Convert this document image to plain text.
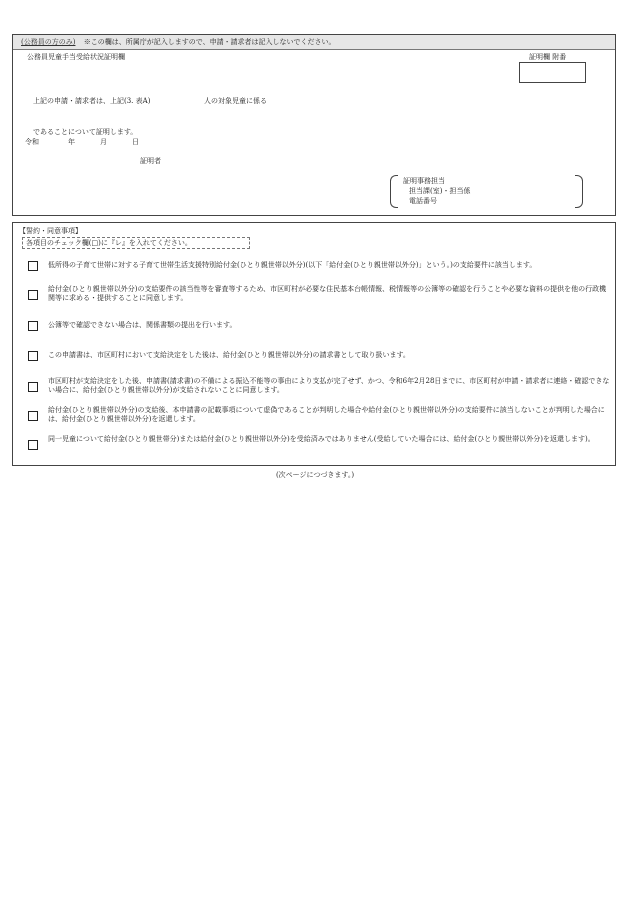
(公務員の方のみ) ※この欄は、所属庁が記入しますので、申請・請求者は記入しないでください。
公務員児童手当受給状況証明欄	証明欄 附番
上記の申請・請求者は、上記(3. 表A)	人の対象児童に係る
であることについて証明します。
令和	年	月	日
証明者
証明事務担当
担当課(室)・担当係
電話番号
【誓約・同意事項】
各項目のチェック欄(□)に『レ』を入れてください。
低所得の子育て世帯に対する子育て世帯生活支援特別給付金(ひとり親世帯以外分)(以下「給付金(ひとり親世帯以外分)」という。)の支給要件に該当します。
給付金(ひとり親世帯以外分)の支給要件の該当性等を審査等するため、市区町村が必要な住民基本台帳情報、税情報等の公簿等の確認を行うことや必要な資料の提供を他の行政機関等に求める・提供することに同意します。
公簿等で確認できない場合は、関係書類の提出を行います。
この申請書は、市区町村において支給決定をした後は、給付金(ひとり親世帯以外分)の請求書として取り扱います。
市区町村が支給決定をした後、申請書(請求書)の不備による振込不能等の事由により支払が完了せず、かつ、令和6年2月28日までに、市区町村が申請・請求者に連絡・確認できない場合に、給付金(ひとり親世帯以外分)が支給されないことに同意します。
給付金(ひとり親世帯以外分)の支給後、本申請書の記載事項について虚偽であることが判明した場合や給付金(ひとり親世帯以外分)の支給要件に該当しないことが判明した場合には、給付金(ひとり親世帯以外分)を返還します。
同一児童について給付金(ひとり親世帯分)または給付金(ひとり親世帯以外分)を受給済みではありません(受給していた場合には、給付金(ひとり親世帯以外分)を返還します)。
(次ページにつづきます。)
